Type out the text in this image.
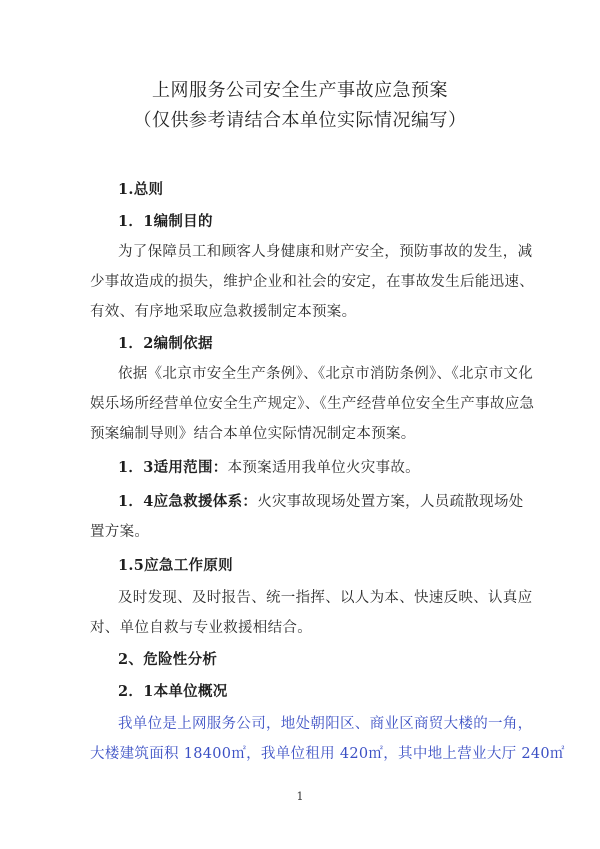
上网服务公司安全生产事故应急预案
（仅供参考请结合本单位实际情况编写）
1.总则
1．1编制目的
为了保障员工和顾客人身健康和财产安全，预防事故的发生，减
少事故造成的损失，维护企业和社会的安定，在事故发生后能迅速、
有效、有序地采取应急救援制定本预案。
1．2编制依据
依据《北京市安全生产条例》、《北京市消防条例》、《北京市文化
娱乐场所经营单位安全生产规定》、《生产经营单位安全生产事故应急
预案编制导则》结合本单位实际情况制定本预案。
1．3适用范围：本预案适用我单位火灾事故。
1．4应急救援体系：火灾事故现场处置方案，人员疏散现场处
置方案。
1.5应急工作原则
及时发现、及时报告、统一指挥、以人为本、快速反映、认真应
对、单位自救与专业救援相结合。
2、危险性分析
2．1本单位概况
我单位是上网服务公司，地处朝阳区、商业区商贸大楼的一角，
大楼建筑面积 18400㎡，我单位租用 420㎡，其中地上营业大厅 240㎡
1
